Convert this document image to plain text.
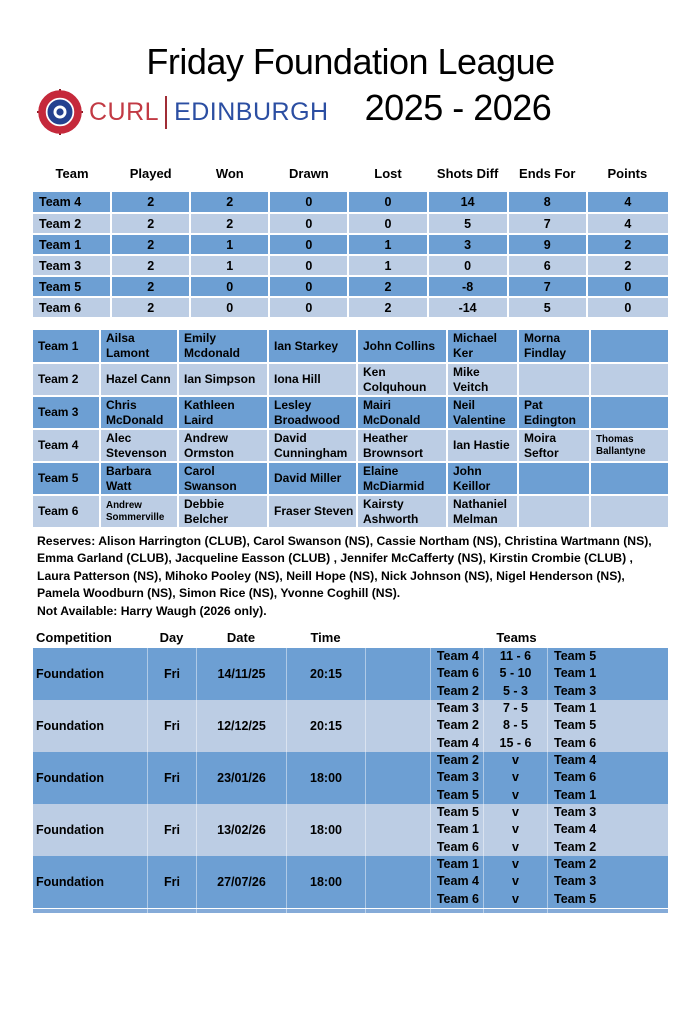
Friday Foundation League
CURL EDINBURGH	2025 - 2026
Team	Played	Won	Drawn	Lost	Shots Diff	Ends For	Points
Team 4	2	2	0	0	14	8	4
Team 2	2	2	0	0	5	7	4
Team 1	2	1	0	1	3	9	2
Team 3	2	1	0	1	0	6	2
Team 5	2	0	0	2	-8	7	0
Team 6	2	0	0	2	-14	5	0
Team 1	Ailsa Lamont	Emily Mcdonald	Ian Starkey	John Collins	Michael Ker	Morna Findlay	
Team 2	Hazel Cann	Ian Simpson	Iona Hill	Ken Colquhoun	Mike Veitch		
Team 3	Chris McDonald	Kathleen Laird	Lesley Broadwood	Mairi McDonald	Neil Valentine	Pat Edington	
Team 4	Alec Stevenson	Andrew Ormston	David Cunningham	Heather Brownsort	Ian Hastie	Moira Seftor	Thomas Ballantyne
Team 5	Barbara Watt	Carol Swanson	David Miller	Elaine McDiarmid	John Keillor		
Team 6	Andrew Sommerville	Debbie Belcher	Fraser Steven	Kairsty Ashworth	Nathaniel Melman		

Reserves: Alison Harrington (CLUB), Carol Swanson (NS), Cassie Northam (NS), Christina Wartmann (NS), Emma Garland (CLUB), Jacqueline Easson (CLUB) , Jennifer McCafferty (NS), Kirstin Crombie (CLUB) , Laura Patterson (NS), Mihoko Pooley (NS), Neill Hope (NS), Nick Johnson (NS), Nigel Henderson (NS), Pamela Woodburn (NS), Simon Rice (NS), Yvonne Coghill (NS).

Not Available: Harry Waugh (2026 only).

Competition	Day	Date	Time	Teams
Foundation	Fri	14/11/25	20:15
Team 4	11 - 6	Team 5
Team 6	5 - 10	Team 1
Team 2	5 - 3	Team 3
Foundation	Fri	12/12/25	20:15
Team 3	7 - 5	Team 1
Team 2	8 - 5	Team 5
Team 4	15 - 6	Team 6
Foundation	Fri	23/01/26	18:00
Team 2	v	Team 4
Team 3	v	Team 6
Team 5	v	Team 1
Foundation	Fri	13/02/26	18:00
Team 5	v	Team 3
Team 1	v	Team 4
Team 6	v	Team 2
Foundation	Fri	27/07/26	18:00
Team 1	v	Team 2
Team 4	v	Team 3
Team 6	v	Team 5
